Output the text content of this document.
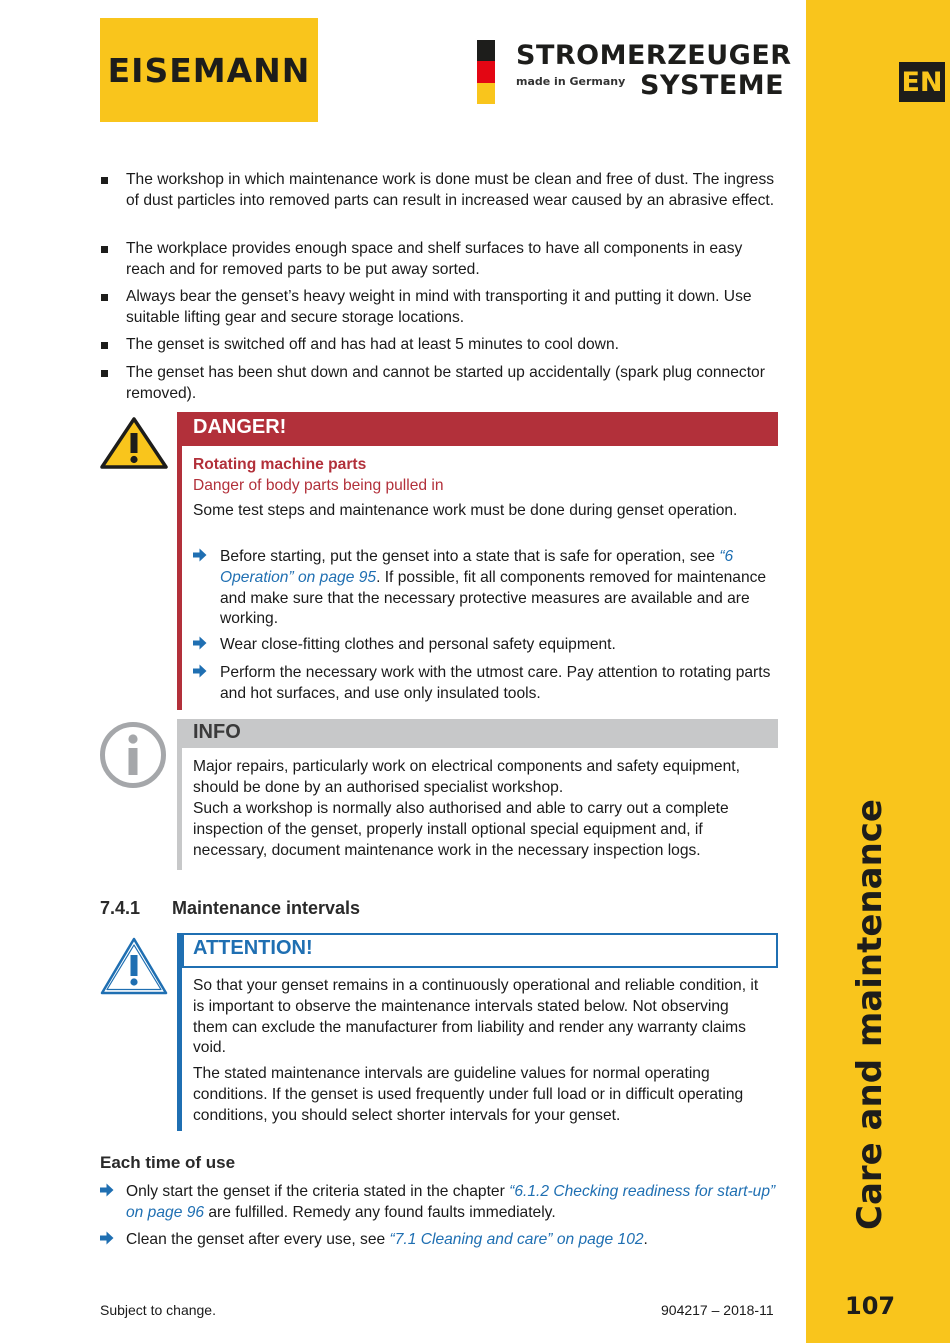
EISEMANN	STROMERZEUGER
made in Germany SYSTEME	EN
Care and maintenance
107
The workshop in which maintenance work is done must be clean and free of dust. The ingress of dust particles into removed parts can result in increased wear caused by an abrasive effect.
The workplace provides enough space and shelf surfaces to have all components in easy reach and for removed parts to be put away sorted.
Always bear the genset’s heavy weight in mind with transporting it and putting it down. Use suitable lifting gear and secure storage locations.
The genset is switched off and has had at least 5 minutes to cool down.
The genset has been shut down and cannot be started up accidentally (spark plug connector removed).
DANGER!
Rotating machine parts
Danger of body parts being pulled in
Some test steps and maintenance work must be done during genset operation.
Before starting, put the genset into a state that is safe for operation, see “6 Operation” on page 95. If possible, fit all components removed for maintenance and make sure that the necessary protective measures are available and are working.
Wear close-fitting clothes and personal safety equipment.
Perform the necessary work with the utmost care. Pay attention to rotating parts and hot surfaces, and use only insulated tools.
INFO
Major repairs, particularly work on electrical components and safety equipment, should be done by an authorised specialist workshop.
Such a workshop is normally also authorised and able to carry out a complete inspection of the genset, properly install optional special equipment and, if necessary, document maintenance work in the necessary inspection logs.
7.4.1 Maintenance intervals
ATTENTION!
So that your genset remains in a continuously operational and reliable condition, it is important to observe the maintenance intervals stated below. Not observing them can exclude the manufacturer from liability and render any warranty claims void.
The stated maintenance intervals are guideline values for normal operating conditions. If the genset is used frequently under full load or in difficult operating conditions, you should select shorter intervals for your genset.
Each time of use
Only start the genset if the criteria stated in the chapter “6.1.2 Checking readiness for start-up” on page 96 are fulfilled. Remedy any found faults immediately.
Clean the genset after every use, see “7.1 Cleaning and care” on page 102.
Subject to change.	904217 – 2018-11
